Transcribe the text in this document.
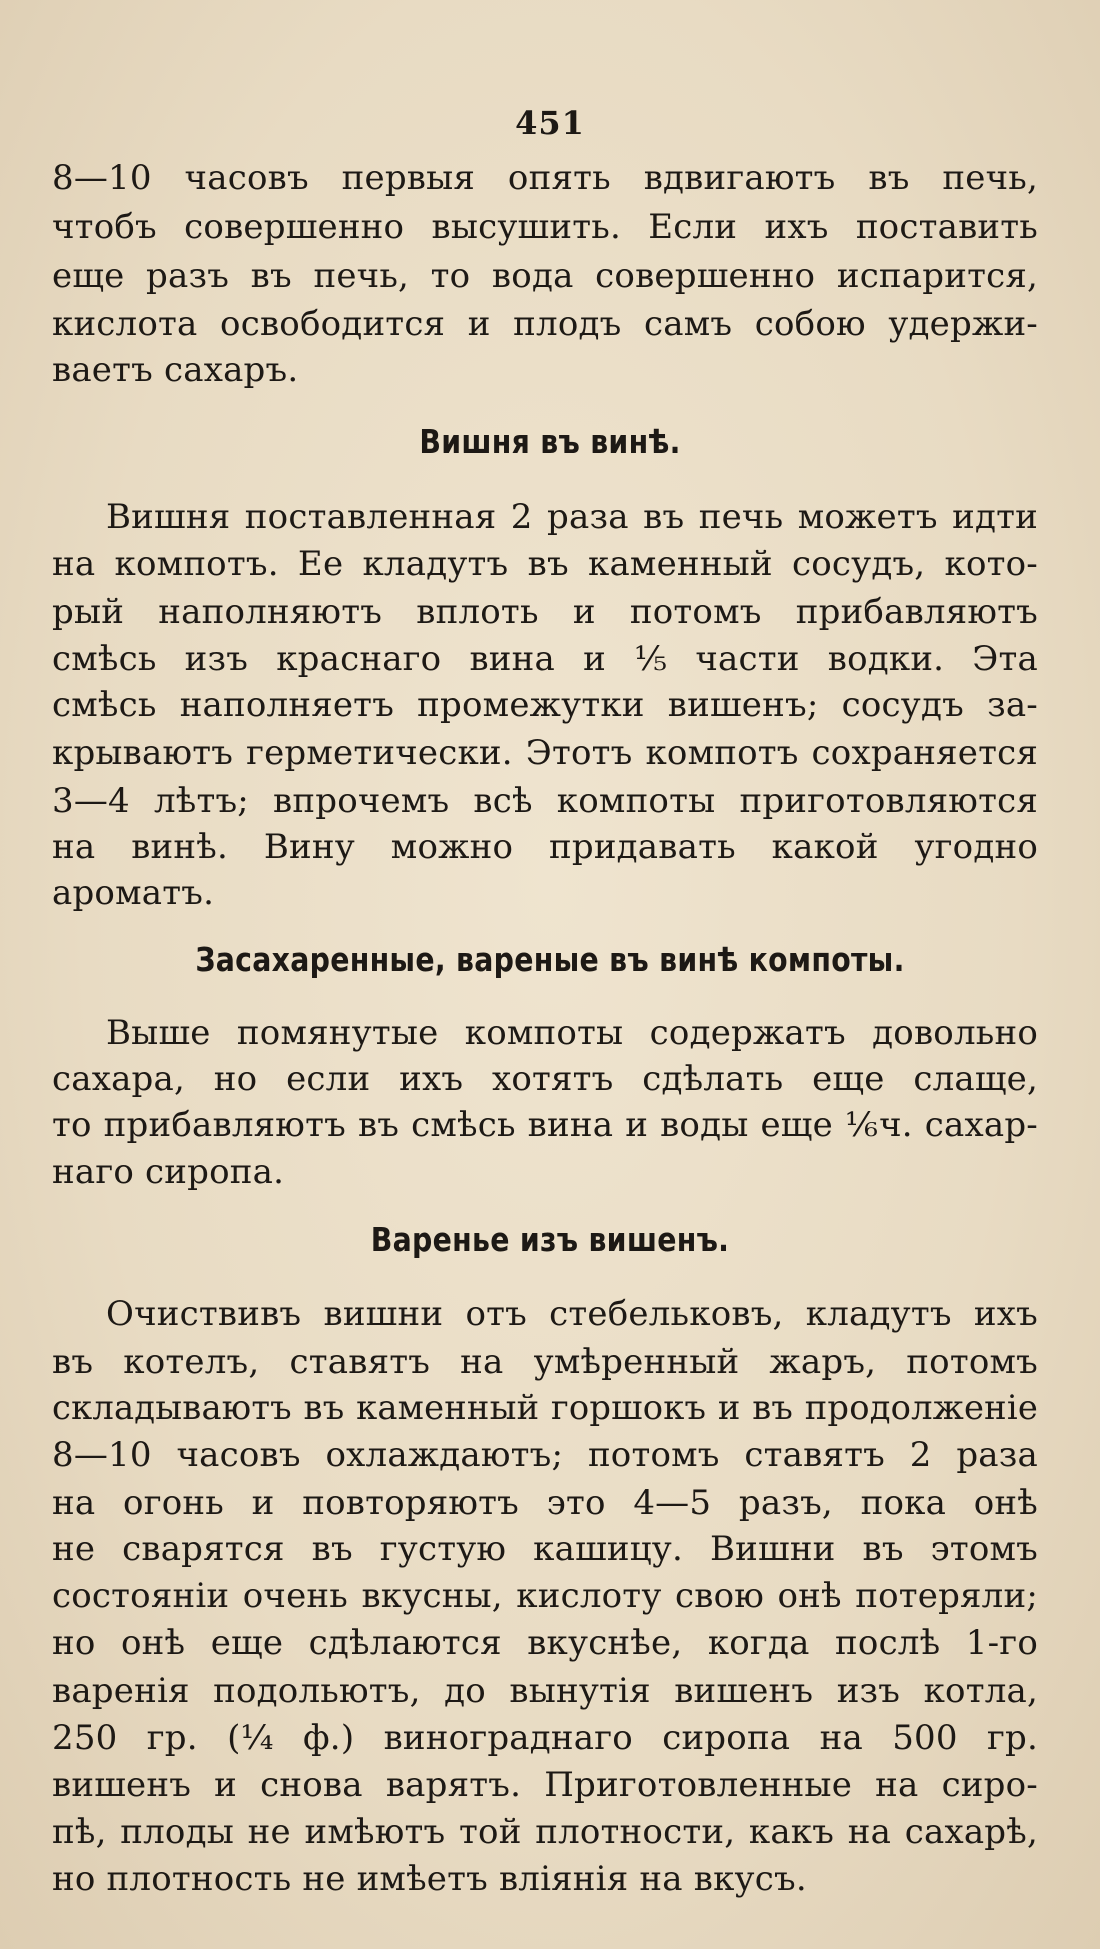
451
8—10 часовъ первыя опять вдвигаютъ въ печь,
чтобъ совершенно высушить. Если ихъ поставить
еще разъ въ печь, то вода совершенно испарится,
кислота освободится и плодъ самъ собою удержи-
ваетъ сахаръ.
Вишня въ винѣ.
Вишня поставленная 2 раза въ печь можетъ идти
на компотъ. Ее кладутъ въ каменный сосудъ, кото-
рый наполняютъ вплоть и потомъ прибавляютъ
смѣсь изъ краснаго вина и ⅕ части водки. Эта
смѣсь наполняетъ промежутки вишенъ; сосудъ за-
крываютъ герметически. Этотъ компотъ сохраняется
3—4 лѣтъ; впрочемъ всѣ компоты приготовляются
на винѣ. Вину можно придавать какой угодно
ароматъ.
Засахаренные, вареные въ винѣ компоты.
Выше помянутые компоты содержатъ довольно
сахара, но если ихъ хотятъ сдѣлать еще слаще,
то прибавляютъ въ смѣсь вина и воды еще ⅙ч. сахар-
наго сиропа.
Варенье изъ вишенъ.
Очиствивъ вишни отъ стебельковъ, кладутъ ихъ
въ котелъ, ставятъ на умѣренный жаръ, потомъ
складываютъ въ каменный горшокъ и въ продолженіе
8—10 часовъ охлаждаютъ; потомъ ставятъ 2 раза
на огонь и повторяютъ это 4—5 разъ, пока онѣ
не сварятся въ густую кашицу. Вишни въ этомъ
состояніи очень вкусны, кислоту свою онѣ потеряли;
но онѣ еще сдѣлаются вкуснѣе, когда послѣ 1-го
варенія подольютъ, до вынутія вишенъ изъ котла,
250 гр. (¼ ф.) винограднаго сиропа на 500 гр.
вишенъ и снова варятъ. Приготовленные на сиро-
пѣ, плоды не имѣютъ той плотности, какъ на сахарѣ,
но плотность не имѣетъ вліянія на вкусъ.
